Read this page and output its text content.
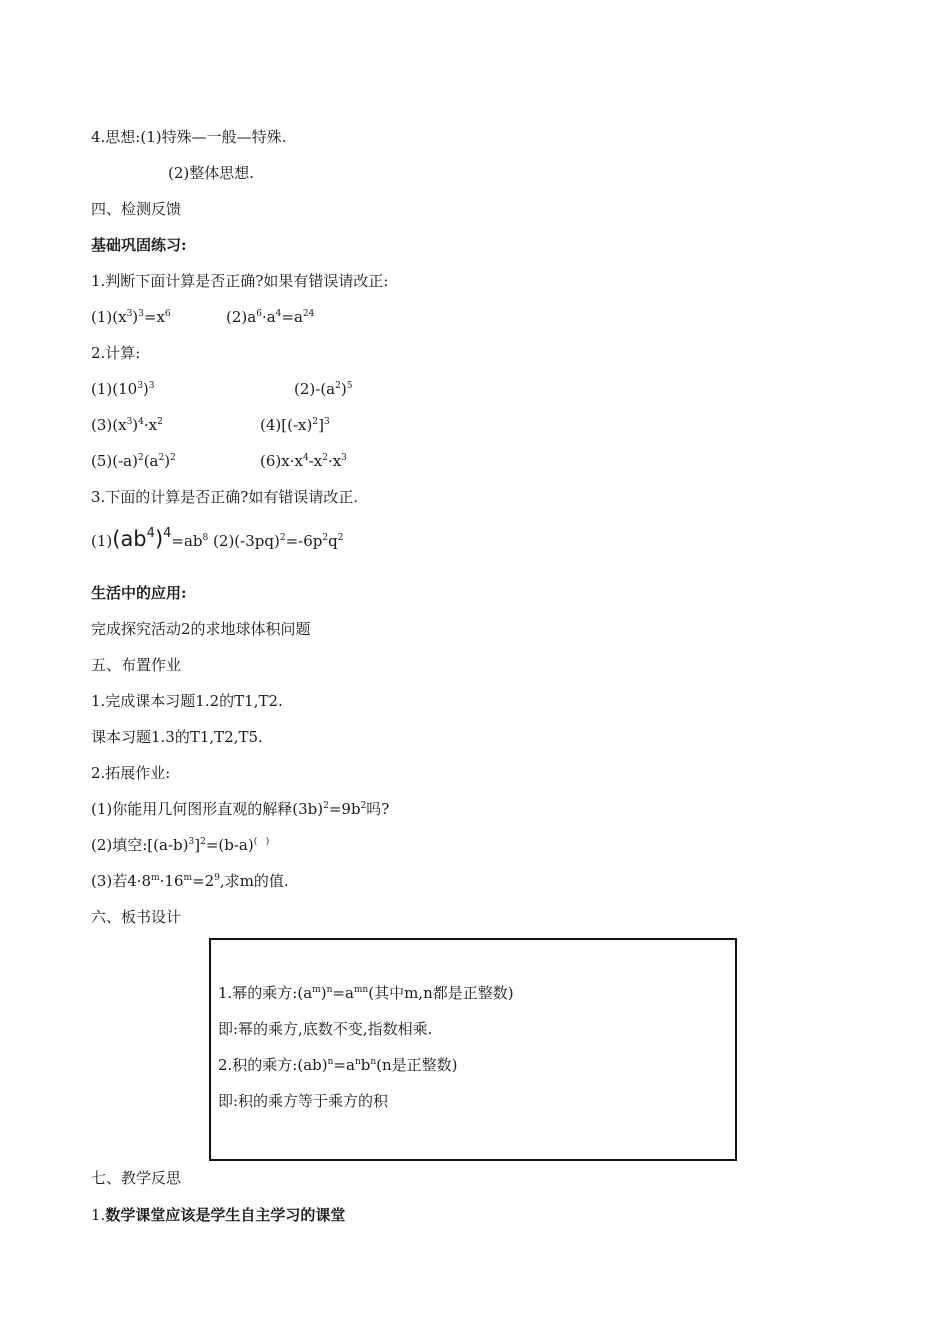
4.思想:(1)特殊—一般—特殊.
(2)整体思想.
四、检测反馈
基础巩固练习:
1.判断下面计算是否正确?如果有错误请改正:
$(1)(x^3)^3=x^6$	$(2)a^6\cdot a^4=a^{24}$
2.计算:
$(1)(10^3)^3$	$(2)-(a^2)^5$
$(3)(x^3)^4\cdot x^2$	$(4)[(-x)^2]^3$
$(5)(-a)^2(a^2)^2$	$(6)x\cdot x^4-x^2\cdot x^3$
3.下面的计算是否正确?如有错误请改正.
$(1)(ab^4)^4=ab^8$ $(2)(-3pq)^2=-6p^2q^2$
生活中的应用:
完成探究活动2的求地球体积问题
五、布置作业
1.完成课本习题1.2的T1,T2.
课本习题1.3的T1,T2,T5.
2.拓展作业:
(1)你能用几何图形直观的解释$(3b)^2=9b^2$吗?
(2)填空$:[(a-b)^3]^2=(b-a)^{( )}$
(3)若$4\cdot 8^m\cdot 16^m=2^9$,求m的值.
六、板书设计
1.幂的乘方$:(a^m)^n=a^{mn}$(其中m,n都是正整数)
即:幂的乘方,底数不变,指数相乘.
2.积的乘方$:(ab)^n=a^nb^n(n$是正整数)
即:积的乘方等于乘方的积
七、教学反思
1.数学课堂应该是学生自主学习的课堂
